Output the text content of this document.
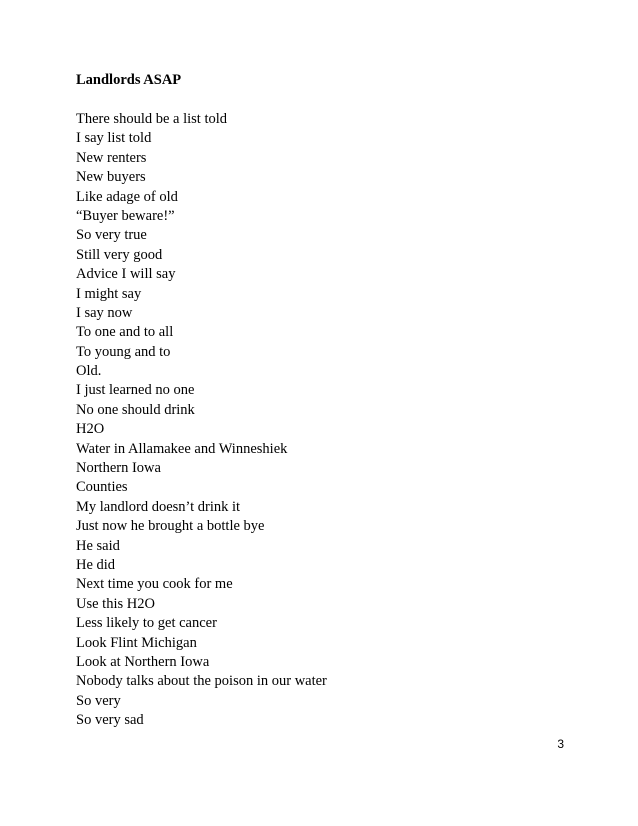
Landlords ASAP
There should be a list told
I say list told
New renters
New buyers
Like adage of old
“Buyer beware!”
So very true
Still very good
Advice I will say
I might say
I say now
To one and to all
To young and to
Old.
I just learned no one
No one should drink
H2O
Water in Allamakee and Winneshiek
Northern Iowa
Counties
My landlord doesn’t drink it
Just now he brought a bottle bye
He said
He did
Next time you cook for me
Use this H2O
Less likely to get cancer
Look Flint Michigan
Look at Northern Iowa
Nobody talks about the poison in our water
So very
So very sad
3
